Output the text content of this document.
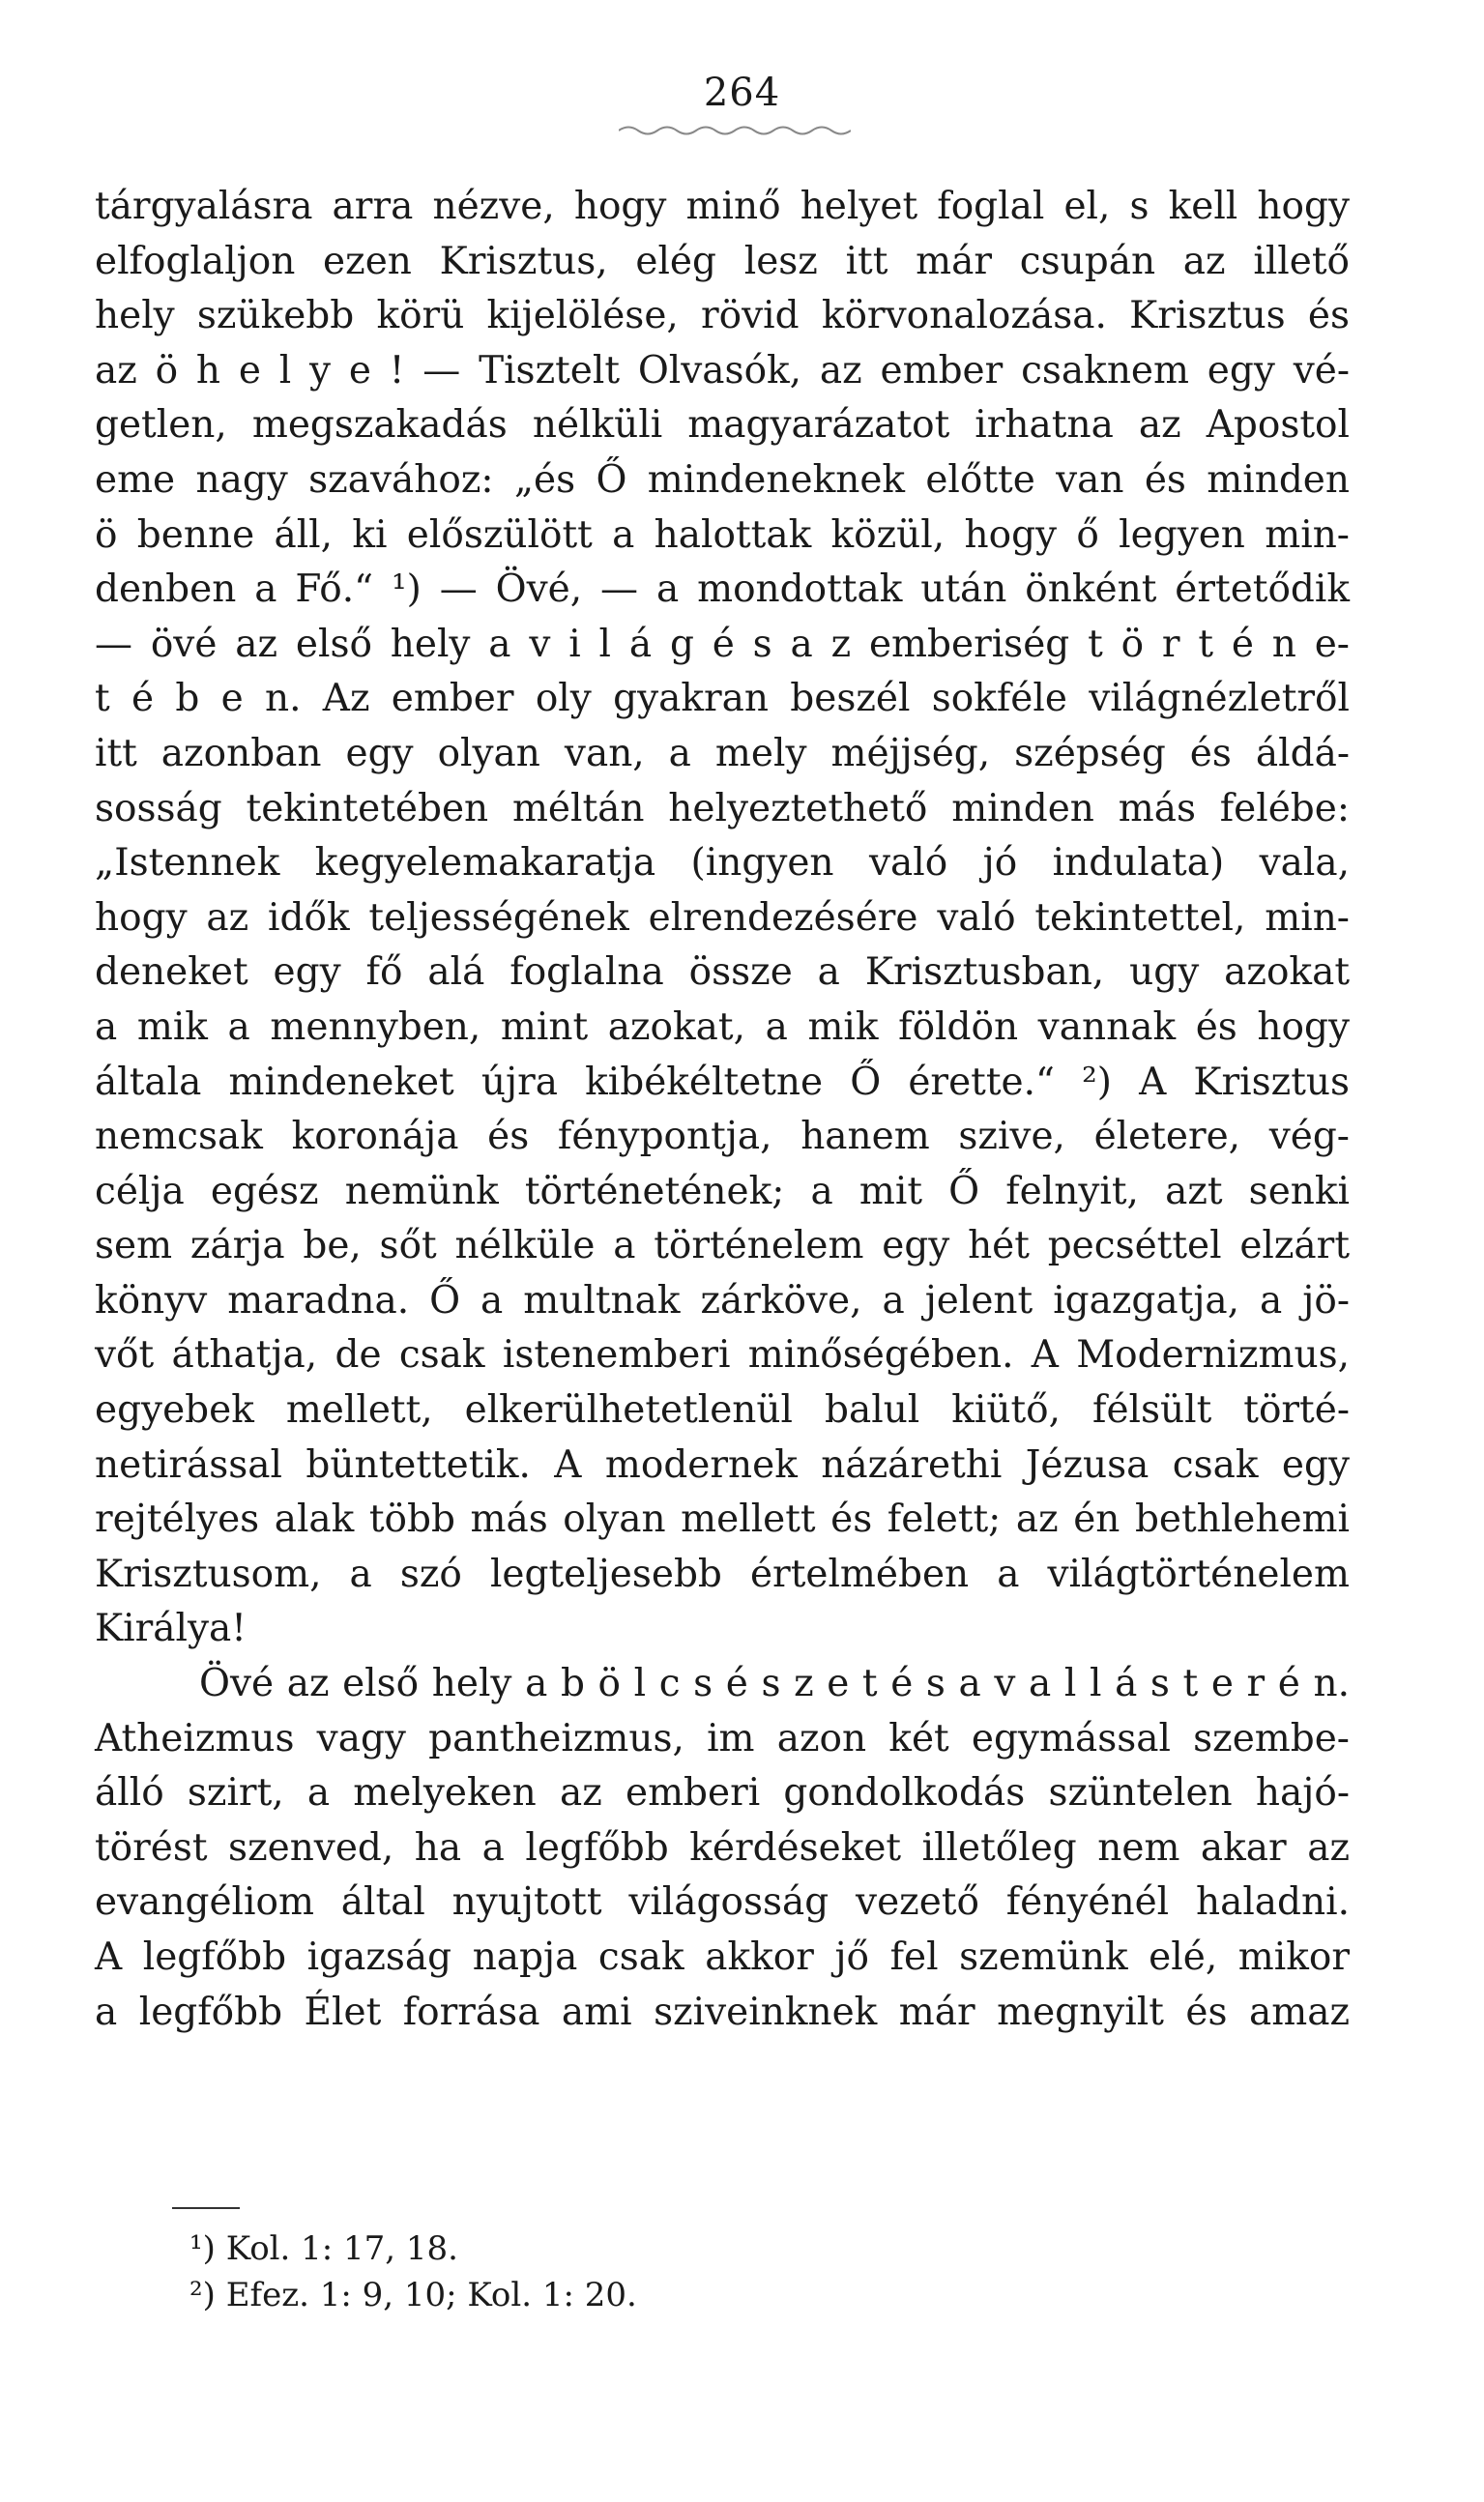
264
tárgyalásra arra nézve, hogy minő helyet foglal el, s kell hogy
elfoglaljon ezen Krisztus, elég lesz itt már csupán az illető
hely szükebb körü kijelölése, rövid körvonalozása. Krisztus és
az ö h e l y e ! — Tisztelt Olvasók, az ember csaknem egy vé-
getlen, megszakadás nélküli magyarázatot irhatna az Apostol
eme nagy szavához: „és Ő mindeneknek előtte van és minden
ö benne áll, ki előszülött a halottak közül, hogy ő legyen min-
denben a Fő.“ ¹) — Övé, — a mondottak után önként értetődik
— övé az első hely a v i l á g é s a z emberiség t ö r t é n e-
t é b e n. Az ember oly gyakran beszél sokféle világnézletről
itt azonban egy olyan van, a mely méjjség, szépség és áldá-
sosság tekintetében méltán helyeztethető minden más felébe:
„Istennek kegyelemakaratja (ingyen való jó indulata) vala,
hogy az idők teljességének elrendezésére való tekintettel, min-
deneket egy fő alá foglalna össze a Krisztusban, ugy azokat
a mik a mennyben, mint azokat, a mik földön vannak és hogy
általa mindeneket újra kibékéltetne Ő érette.“ ²) A Krisztus
nemcsak koronája és fénypontja, hanem szive, életere, vég-
célja egész nemünk történetének; a mit Ő felnyit, azt senki
sem zárja be, sőt nélküle a történelem egy hét pecséttel elzárt
könyv maradna. Ő a multnak zárköve, a jelent igazgatja, a jö-
vőt áthatja, de csak istenemberi minőségében. A Modernizmus,
egyebek mellett, elkerülhetetlenül balul kiütő, félsült törté-
netirással büntettetik. A modernek názárethi Jézusa csak egy
rejtélyes alak több más olyan mellett és felett; az én bethlehemi
Krisztusom, a szó legteljesebb értelmében a világtörténelem
Királya!
Övé az első hely a b ö l c s é s z e t é s a v a l l á s t e r é n.
Atheizmus vagy pantheizmus, im azon két egymással szembe-
álló szirt, a melyeken az emberi gondolkodás szüntelen hajó-
törést szenved, ha a legfőbb kérdéseket illetőleg nem akar az
evangéliom által nyujtott világosság vezető fényénél haladni.
A legfőbb igazság napja csak akkor jő fel szemünk elé, mikor
a legfőbb Élet forrása ami sziveinknek már megnyilt és amaz
¹) Kol. 1: 17, 18.
²) Efez. 1: 9, 10; Kol. 1: 20.
